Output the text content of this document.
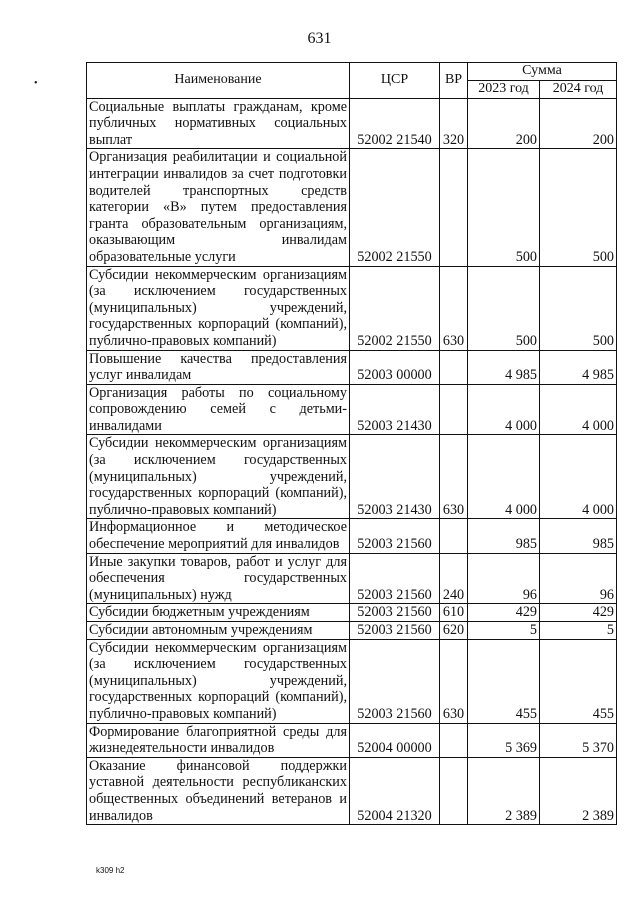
631
•	Наименование	ЦСР	ВР	Сумма	
			2023 год	2024 год
Социальные выплаты гражданам, кроме публичных нормативных социальных выплат	52002 21540	320	200	200
Организация реабилитации и социальной интеграции инвалидов за счет подготовки водителей транспортных средств категории «В» путем предоставления гранта образовательным организациям, оказывающим инвалидам образовательные услуги	52002 21550		500	500
Субсидии некоммерческим организациям (за исключением государственных (муниципальных) учреждений, государственных корпораций (компаний), публично-правовых компаний)	52002 21550	630	500	500
Повышение качества предоставления услуг инвалидам	52003 00000		4 985	4 985
Организация работы по социальному сопровождению семей с детьми-инвалидами	52003 21430		4 000	4 000
Субсидии некоммерческим организациям (за исключением государственных (муниципальных) учреждений, государственных корпораций (компаний), публично-правовых компаний)	52003 21430	630	4 000	4 000
Информационное и методическое обеспечение мероприятий для инвалидов	52003 21560		985	985
Иные закупки товаров, работ и услуг для обеспечения государственных (муниципальных) нужд	52003 21560	240	96	96
Субсидии бюджетным учреждениям	52003 21560	610	429	429
Субсидии автономным учреждениям	52003 21560	620	5	5
Субсидии некоммерческим организациям (за исключением государственных (муниципальных) учреждений, государственных корпораций (компаний), публично-правовых компаний)	52003 21560	630	455	455
Формирование благоприятной среды для жизнедеятельности инвалидов	52004 00000		5 369	5 370
Оказание финансовой поддержки уставной деятельности республиканских общественных объединений ветеранов и инвалидов	52004 21320		2 389	2 389
k309 h2
